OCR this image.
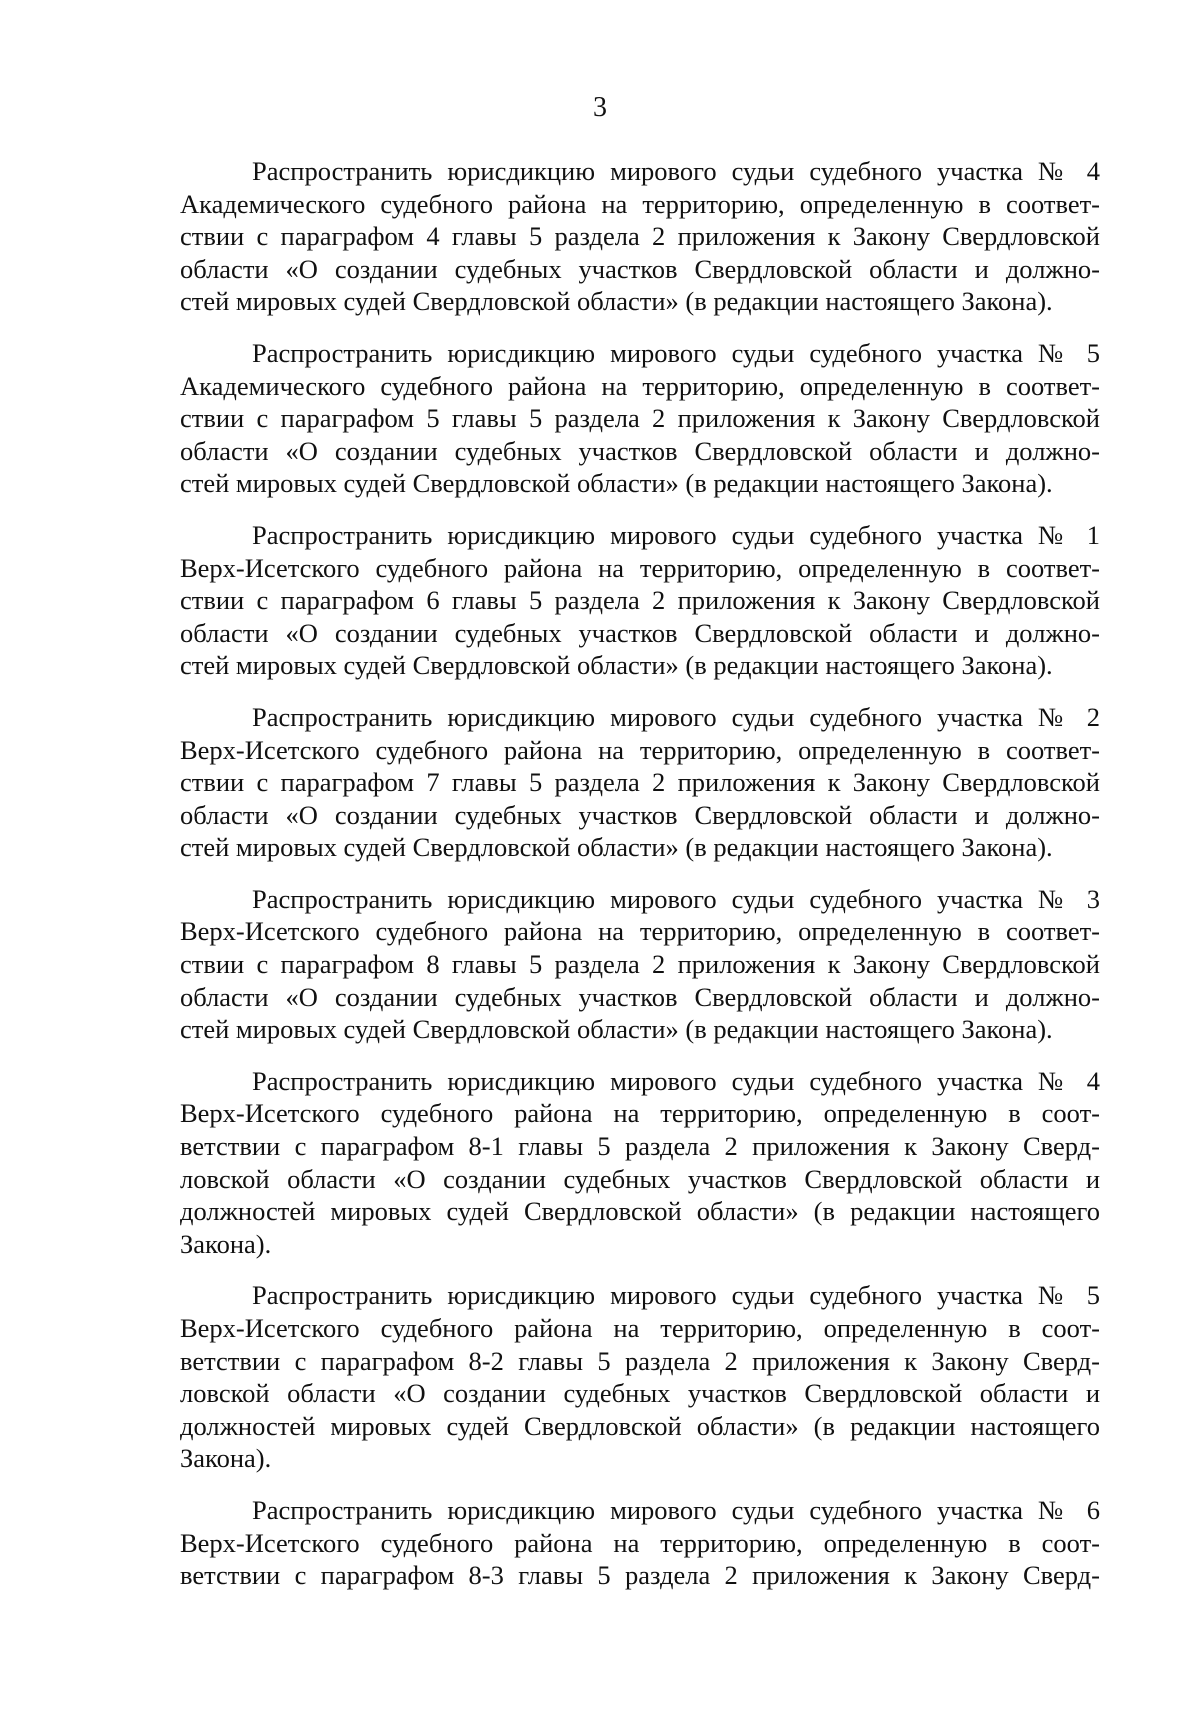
3

Распространить юрисдикцию мирового судьи судебного участка № 4
Академического судебного района на территорию, определенную в соответ-
ствии с параграфом 4 главы 5 раздела 2 приложения к Закону Свердловской
области «О создании судебных участков Свердловской области и должно-
стей мировых судей Свердловской области» (в редакции настоящего Закона).

Распространить юрисдикцию мирового судьи судебного участка № 5
Академического судебного района на территорию, определенную в соответ-
ствии с параграфом 5 главы 5 раздела 2 приложения к Закону Свердловской
области «О создании судебных участков Свердловской области и должно-
стей мировых судей Свердловской области» (в редакции настоящего Закона).

Распространить юрисдикцию мирового судьи судебного участка № 1
Верх-Исетского судебного района на территорию, определенную в соответ-
ствии с параграфом 6 главы 5 раздела 2 приложения к Закону Свердловской
области «О создании судебных участков Свердловской области и должно-
стей мировых судей Свердловской области» (в редакции настоящего Закона).

Распространить юрисдикцию мирового судьи судебного участка № 2
Верх-Исетского судебного района на территорию, определенную в соответ-
ствии с параграфом 7 главы 5 раздела 2 приложения к Закону Свердловской
области «О создании судебных участков Свердловской области и должно-
стей мировых судей Свердловской области» (в редакции настоящего Закона).

Распространить юрисдикцию мирового судьи судебного участка № 3
Верх-Исетского судебного района на территорию, определенную в соответ-
ствии с параграфом 8 главы 5 раздела 2 приложения к Закону Свердловской
области «О создании судебных участков Свердловской области и должно-
стей мировых судей Свердловской области» (в редакции настоящего Закона).

Распространить юрисдикцию мирового судьи судебного участка № 4
Верх-Исетского судебного района на территорию, определенную в соот-
ветствии с параграфом 8-1 главы 5 раздела 2 приложения к Закону Сверд-
ловской области «О создании судебных участков Свердловской области и
должностей мировых судей Свердловской области» (в редакции настоящего
Закона).

Распространить юрисдикцию мирового судьи судебного участка № 5
Верх-Исетского судебного района на территорию, определенную в соот-
ветствии с параграфом 8-2 главы 5 раздела 2 приложения к Закону Сверд-
ловской области «О создании судебных участков Свердловской области и
должностей мировых судей Свердловской области» (в редакции настоящего
Закона).

Распространить юрисдикцию мирового судьи судебного участка № 6
Верх-Исетского судебного района на территорию, определенную в соот-
ветствии с параграфом 8-3 главы 5 раздела 2 приложения к Закону Сверд-
